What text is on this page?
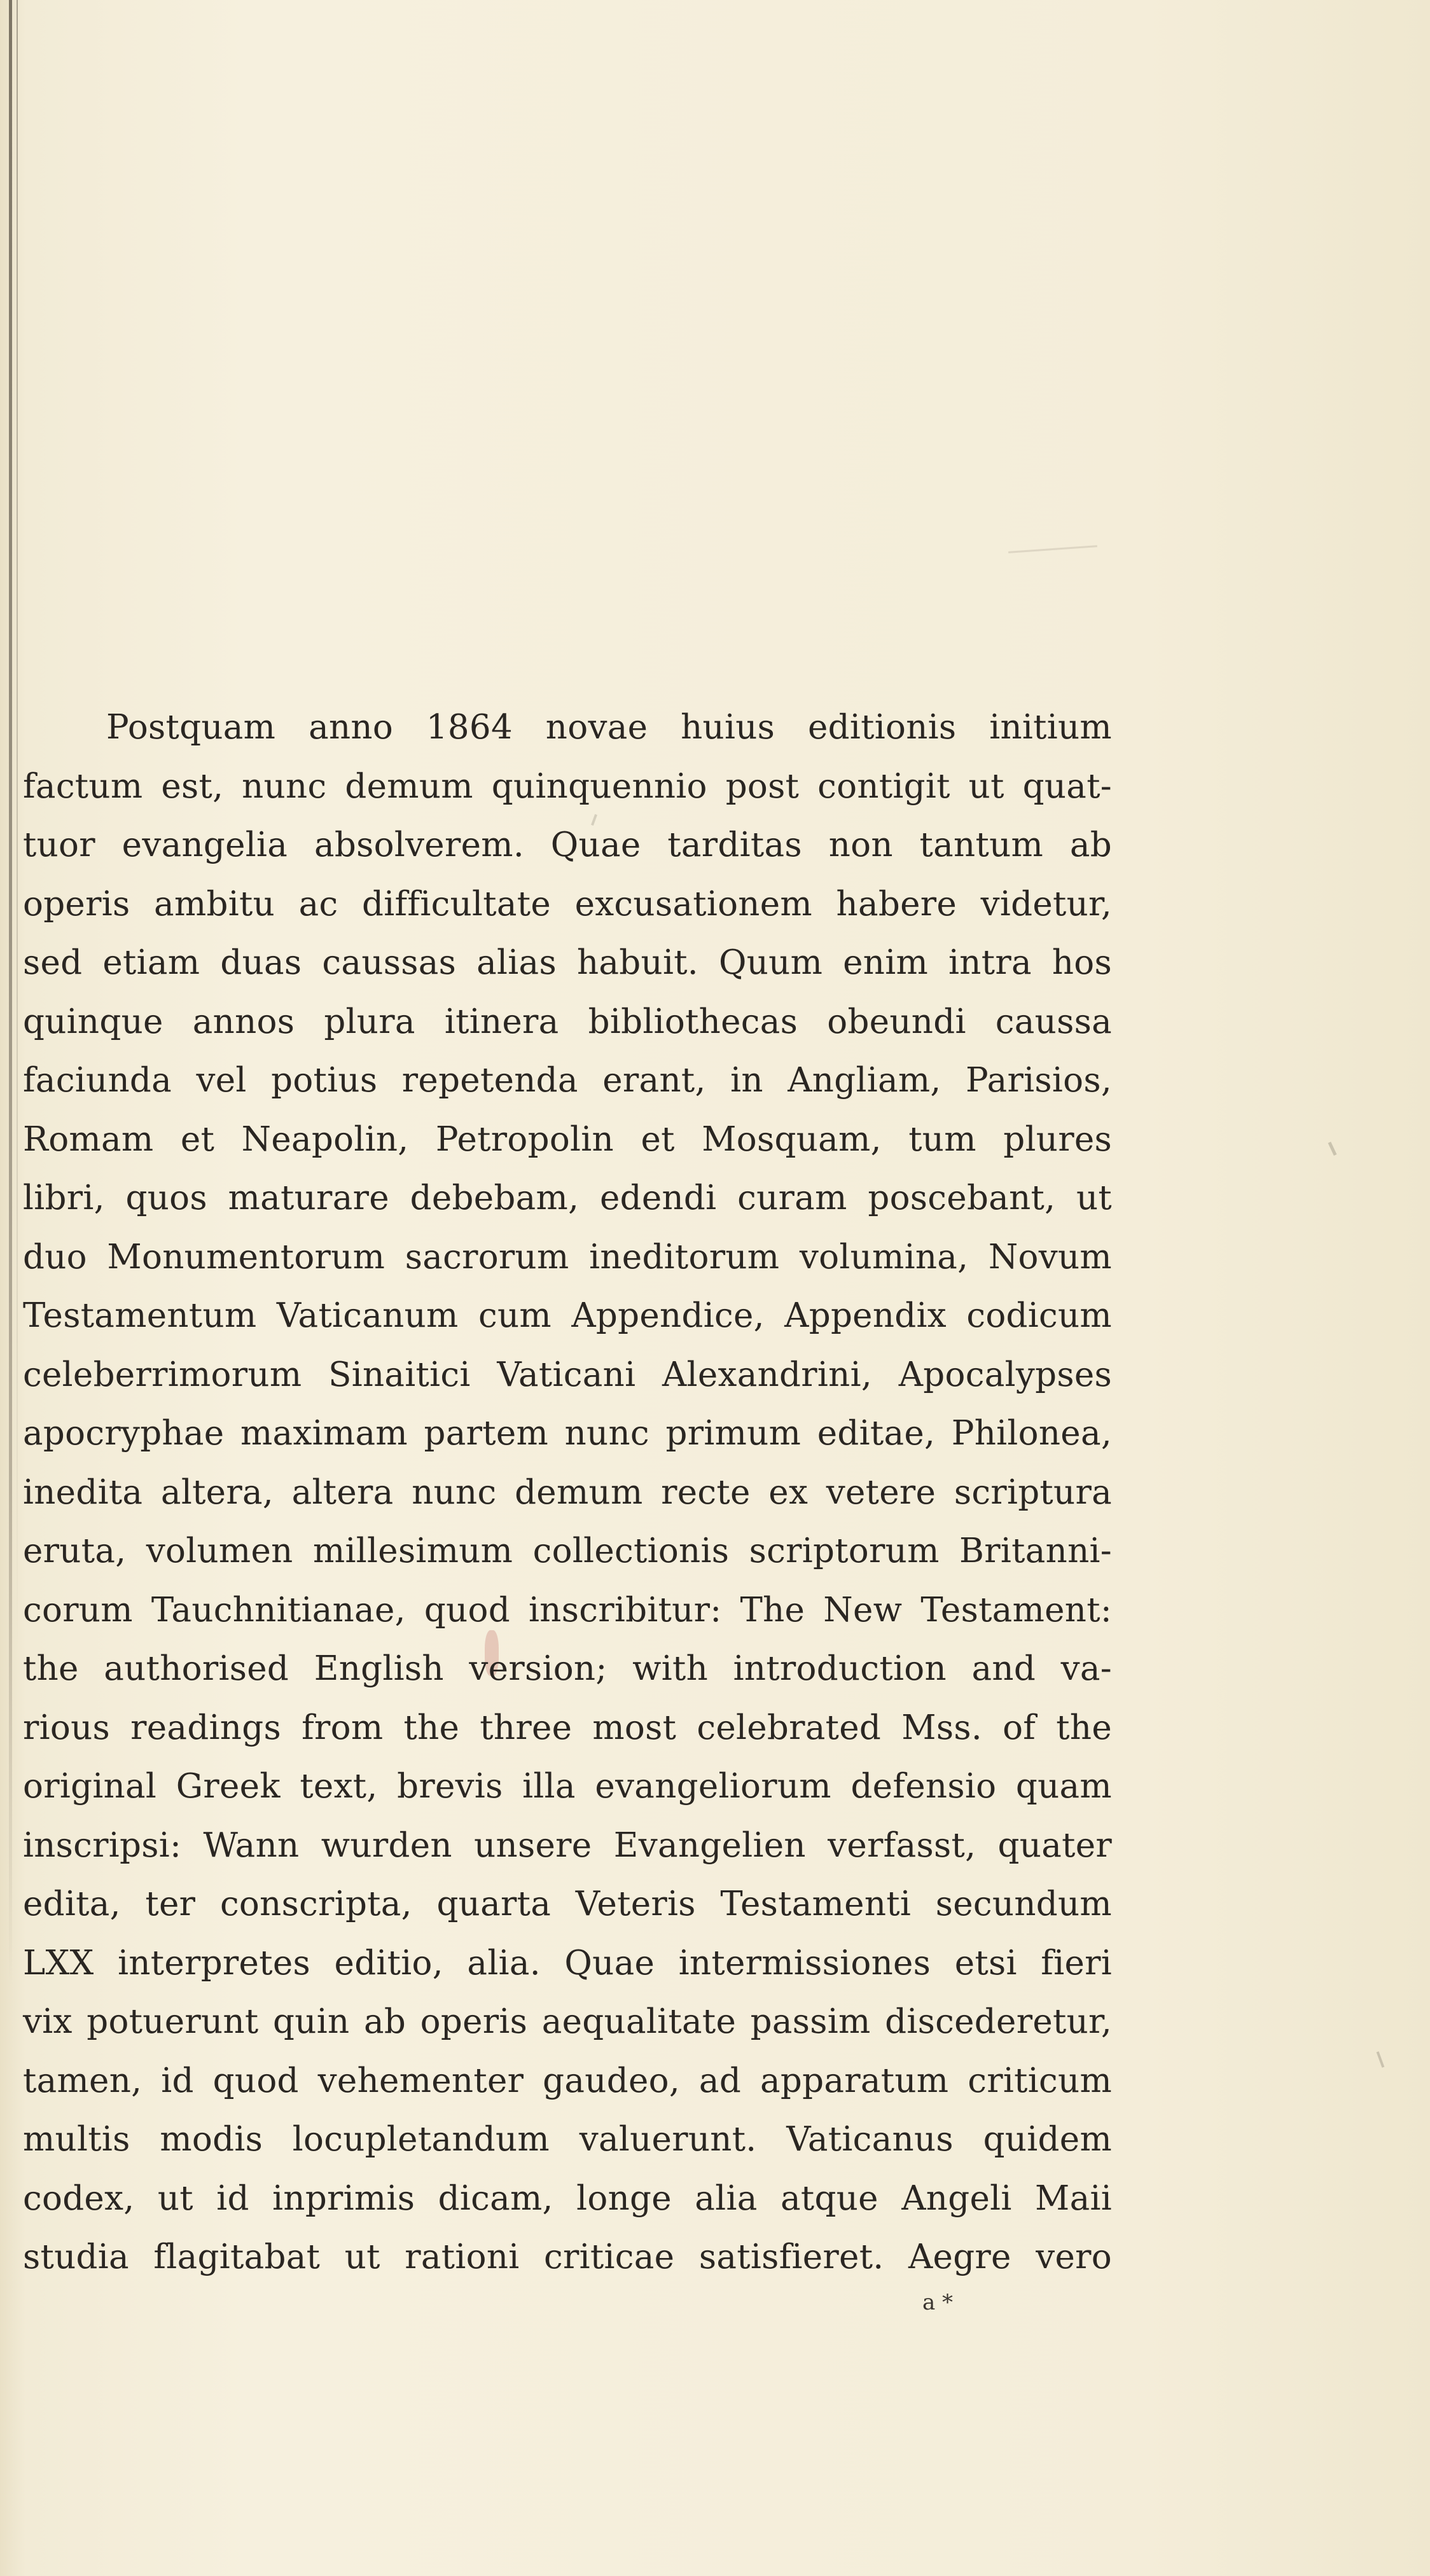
Postquam anno 1864 novae huius editionis initium
factum est, nunc demum quinquennio post contigit ut quat-
tuor evangelia absolverem. Quae tarditas non tantum ab
operis ambitu ac difficultate excusationem habere videtur,
sed etiam duas caussas alias habuit. Quum enim intra hos
quinque annos plura itinera bibliothecas obeundi caussa
faciunda vel potius repetenda erant, in Angliam, Parisios,
Romam et Neapolin, Petropolin et Mosquam, tum plures
libri, quos maturare debebam, edendi curam poscebant, ut
duo Monumentorum sacrorum ineditorum volumina, Novum
Testamentum Vaticanum cum Appendice, Appendix codicum
celeberrimorum Sinaitici Vaticani Alexandrini, Apocalypses
apocryphae maximam partem nunc primum editae, Philonea,
inedita altera, altera nunc demum recte ex vetere scriptura
eruta, volumen millesimum collectionis scriptorum Britanni-
corum Tauchnitianae, quod inscribitur: The New Testament:
the authorised English version; with introduction and va-
rious readings from the three most celebrated Mss. of the
original Greek text, brevis illa evangeliorum defensio quam
inscripsi: Wann wurden unsere Evangelien verfasst, quater
edita, ter conscripta, quarta Veteris Testamenti secundum
LXX interpretes editio, alia. Quae intermissiones etsi fieri
vix potuerunt quin ab operis aequalitate passim discederetur,
tamen, id quod vehementer gaudeo, ad apparatum criticum
multis modis locupletandum valuerunt. Vaticanus quidem
codex, ut id inprimis dicam, longe alia atque Angeli Maii
studia flagitabat ut rationi criticae satisfieret. Aegre vero
a *
